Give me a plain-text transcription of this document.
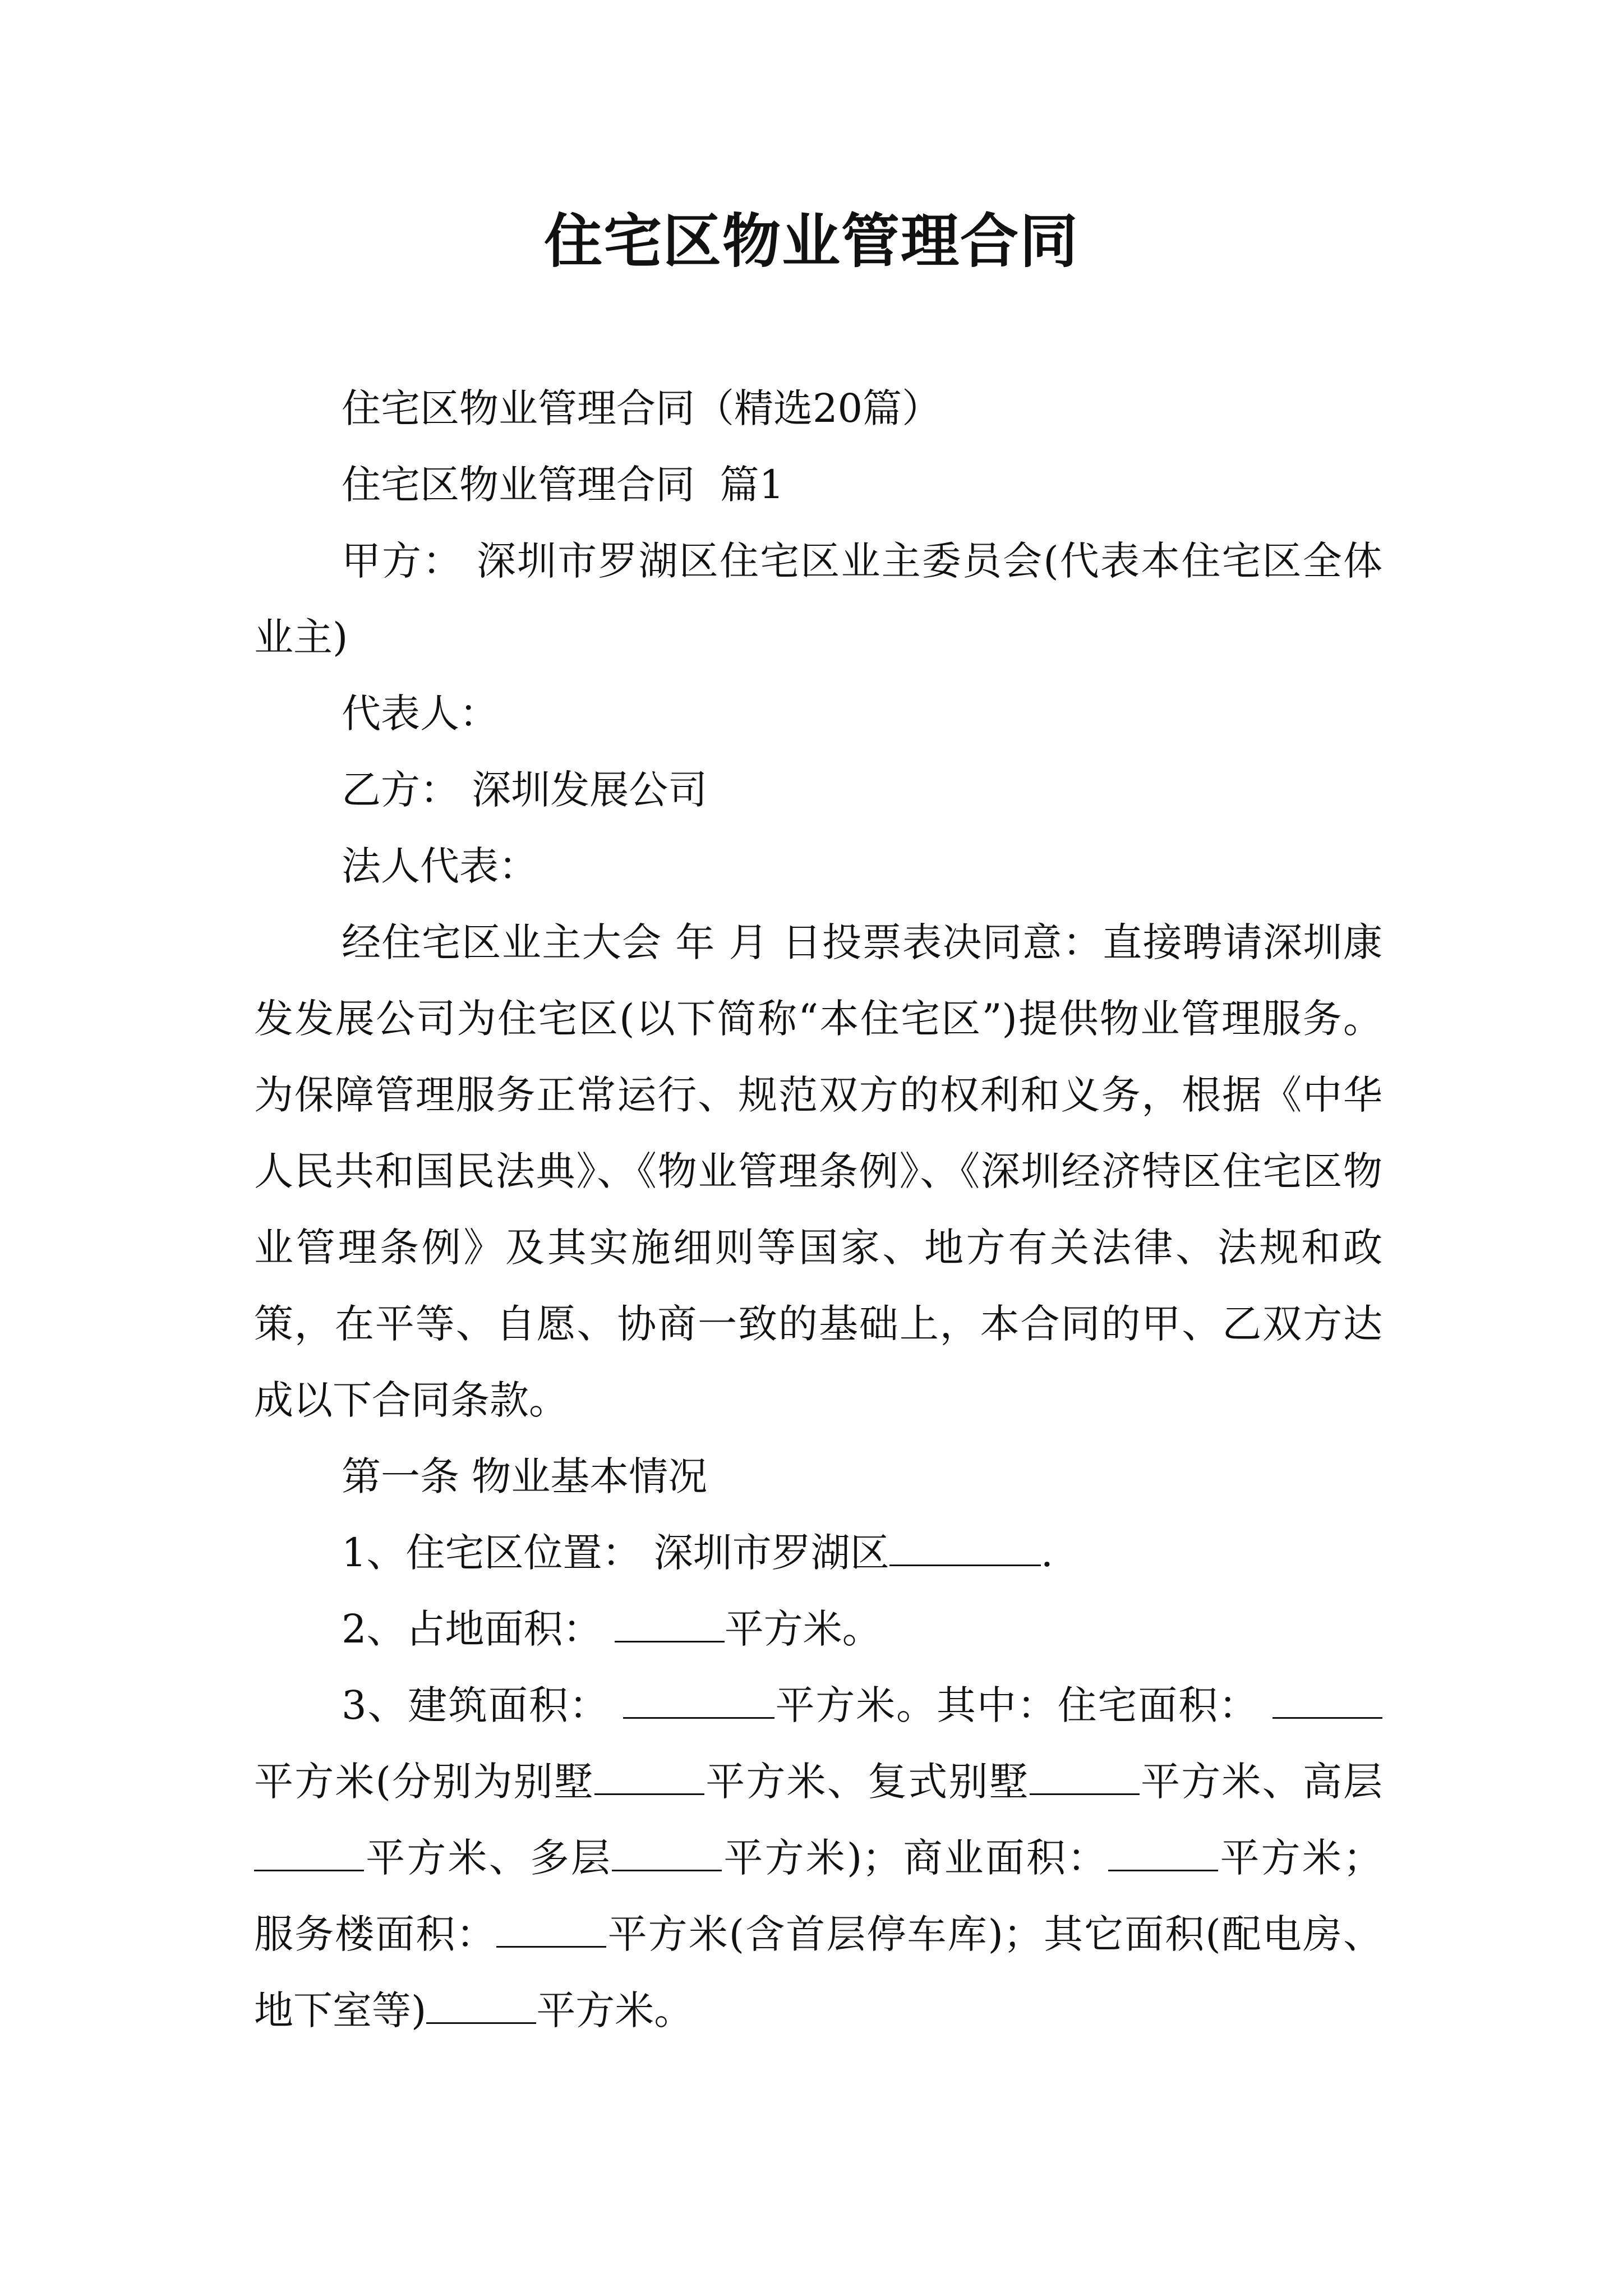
住宅区物业管理合同

住宅区物业管理合同（精选20篇）

住宅区物业管理合同  篇1

甲方： 深圳市罗湖区住宅区业主委员会(代表本住宅区全体业主)

代表人：

乙方： 深圳发展公司

法人代表：

经住宅区业主大会 年 月 日投票表决同意：直接聘请深圳康发发展公司为住宅区(以下简称“本住宅区”)提供物业管理服务。为保障管理服务正常运行、规范双方的权利和义务，根据《中华人民共和国民法典》、《物业管理条例》、《深圳经济特区住宅区物业管理条例》及其实施细则等国家、地方有关法律、法规和政策，在平等、自愿、协商一致的基础上，本合同的甲、乙双方达成以下合同条款。

第一条 物业基本情况

1、住宅区位置： 深圳市罗湖区	.

2、占地面积：	平方米。

3、建筑面积：	平方米。其中：住宅面积： 平方米(分别为别墅	平方米、复式别墅	平方米、高层平方米、多层	平方米)；商业面积：	平方米；服务楼面积：	平方米(含首层停车库)；其它面积(配电房、地下室等)	平方米。
